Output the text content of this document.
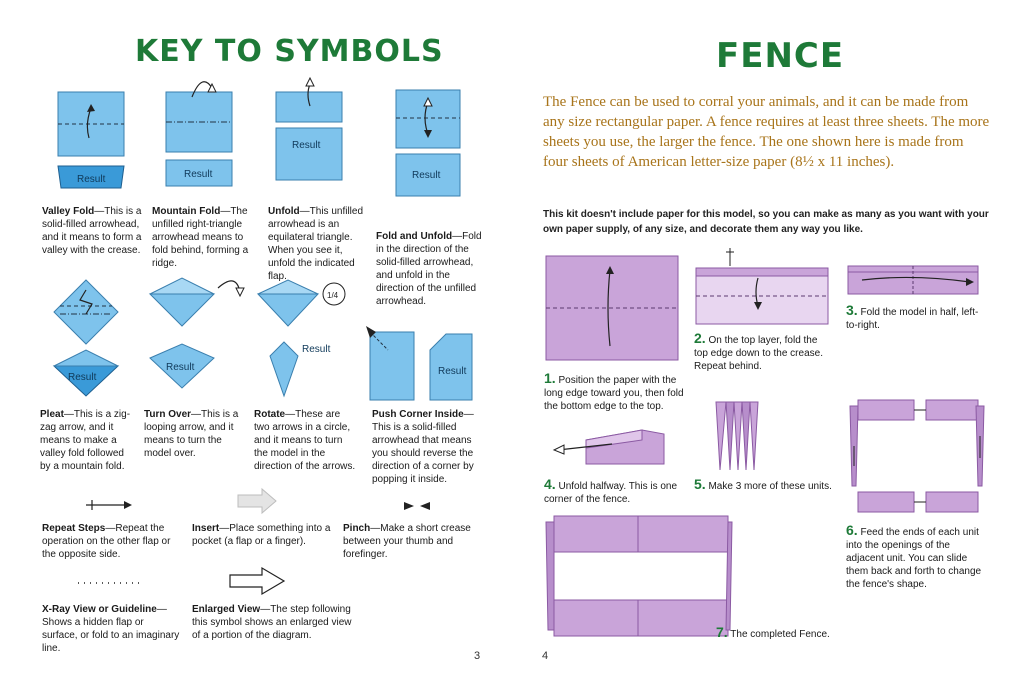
KEY TO SYMBOLS
Result	Result
Result
Result
Valley Fold—This is a solid-filled arrowhead, and it means to form a valley with the crease.
Mountain Fold—The unfilled right-triangle arrowhead means to fold behind, forming a ridge.
Unfold—This unfilled arrowhead is an equilateral triangle. When you see it, unfold the indicated flap.
Fold and Unfold—Fold in the direction of the solid-filled arrowhead, and unfold in the direction of the unfilled arrowhead.
Result
Result
1/4
Result
Result
Pleat—This is a zig-zag arrow, and it means to make a valley fold followed by a mountain fold.
Turn Over—This is a looping arrow, and it means to turn the model over.
Rotate—These are two arrows in a circle, and it means to turn the model in the direction of the arrows.
Push Corner Inside—This is a solid-filled arrowhead that means you should reverse the direction of a corner by popping it inside.
Repeat Steps—Repeat the operation on the other flap or the opposite side.
Insert—Place something into a pocket (a flap or a finger).
Pinch—Make a short crease between your thumb and forefinger.
X-Ray View or Guideline—Shows a hidden flap or surface, or fold to an imaginary line.
Enlarged View—The step following this symbol shows an enlarged view of a portion of the diagram.
3
FENCE
The Fence can be used to corral your animals, and it can be made from any size rectangular paper. A fence requires at least three sheets. The more sheets you use, the larger the fence. The one shown here is made from four sheets of American letter-size paper (8½ x 11 inches).
This kit doesn't include paper for this model, so you can make as many as you want with your own paper supply, of any size, and decorate them any way you like.
1. Position the paper with the long edge toward you, then fold the bottom edge to the top.
2. On the top layer, fold the top edge down to the crease. Repeat behind.
3. Fold the model in half, left-to-right.
4. Unfold halfway. This is one corner of the fence.
5. Make 3 more of these units.
6. Feed the ends of each unit into the openings of the adjacent unit. You can slide them back and forth to change the fence's shape.
7. The completed Fence.
4
